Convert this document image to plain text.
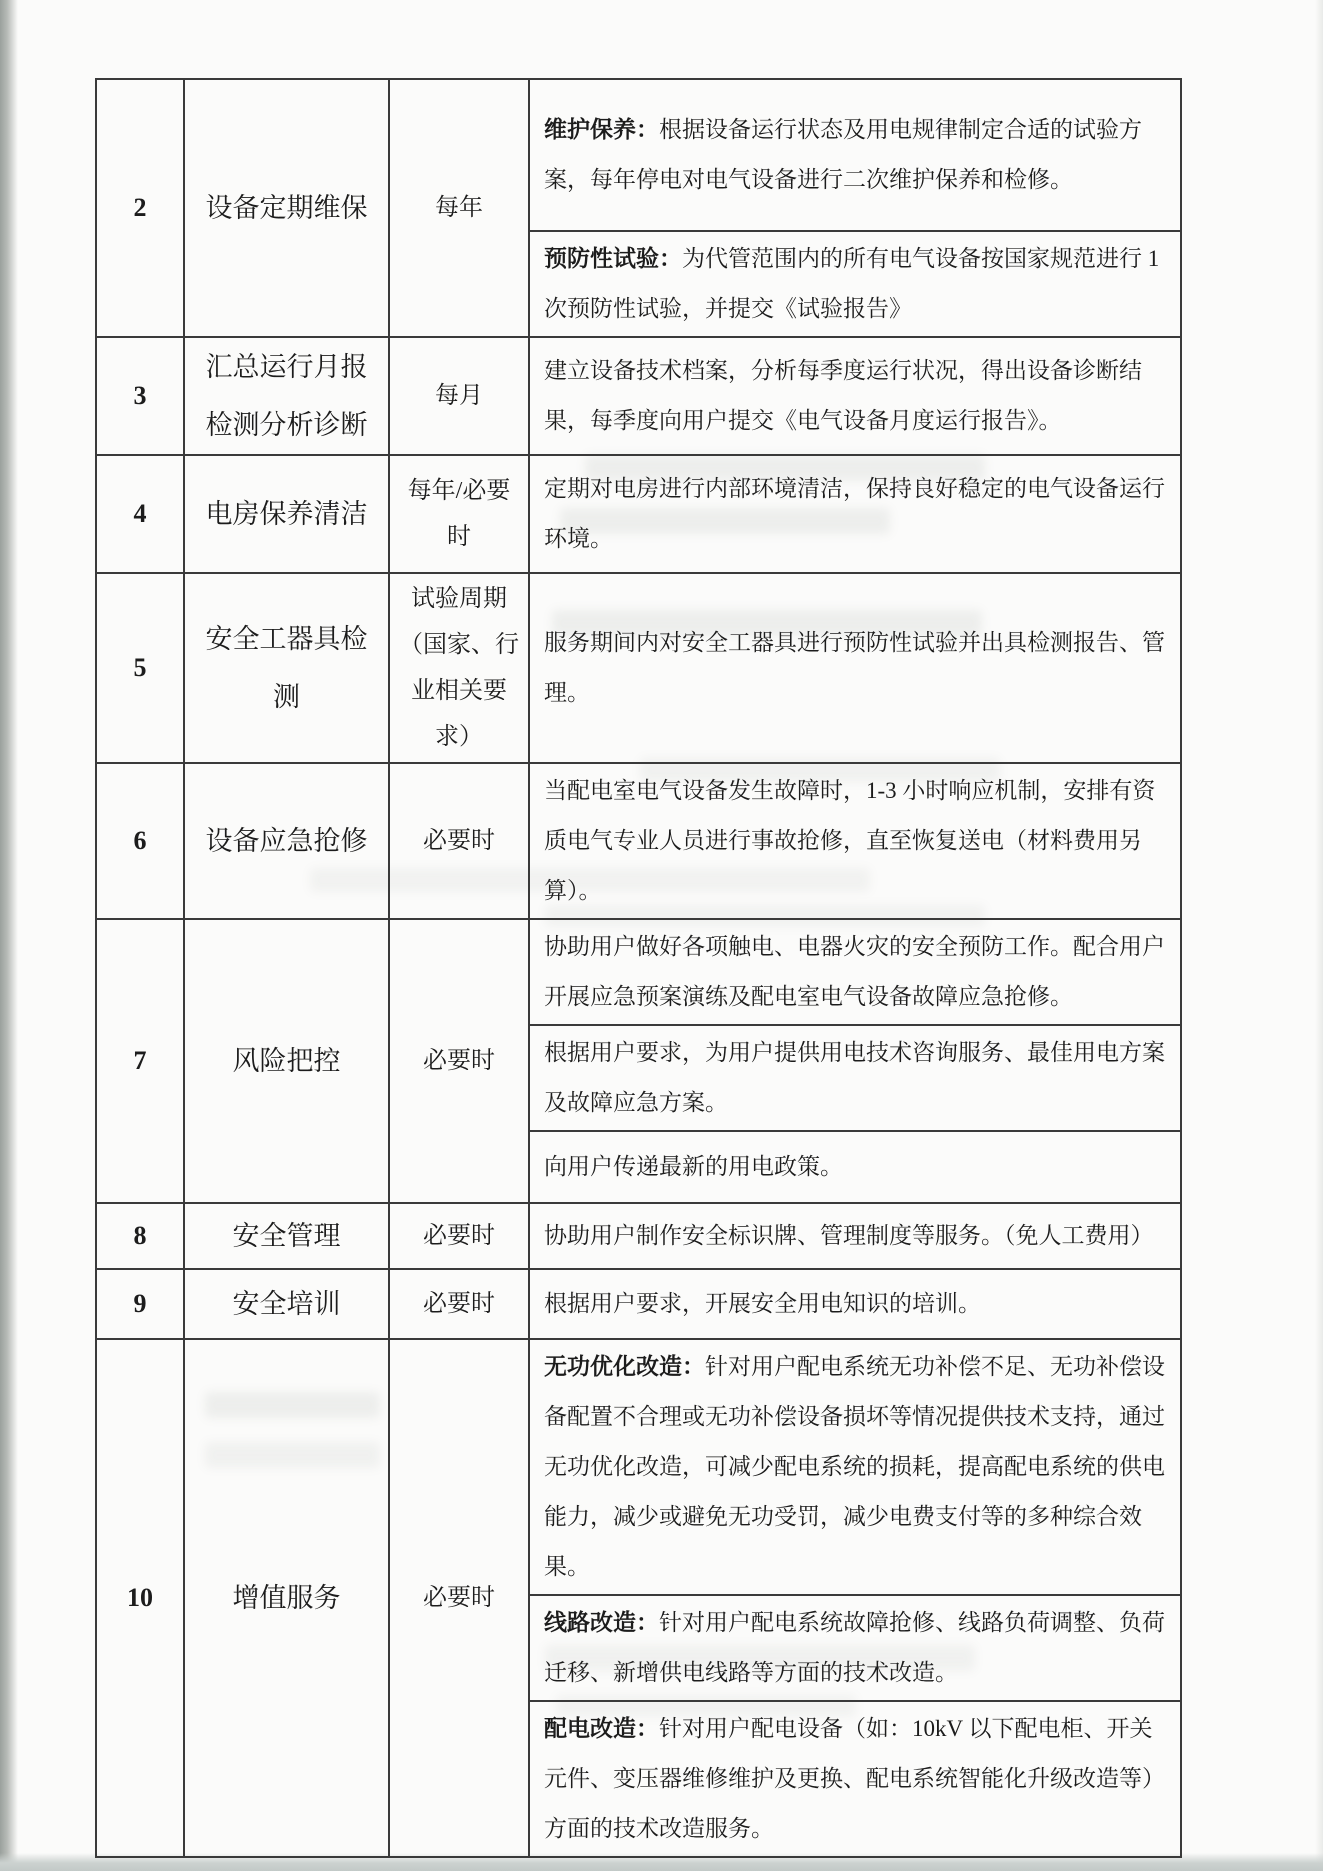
2	设备定期维保	每年	维护保养：根据设备运行状态及用电规律制定合适的试验方案，每年停电对电气设备进行二次维护保养和检修。
			预防性试验：为代管范围内的所有电气设备按国家规范进行 1 次预防性试验，并提交《试验报告》
3	汇总运行月报检测分析诊断	每月	建立设备技术档案，分析每季度运行状况，得出设备诊断结果，每季度向用户提交《电气设备月度运行报告》。
4	电房保养清洁	每年/必要时	定期对电房进行内部环境清洁，保持良好稳定的电气设备运行环境。
5	安全工器具检测	试验周期（国家、行业相关要求）	服务期间内对安全工器具进行预防性试验并出具检测报告、管理。
6	设备应急抢修	必要时	当配电室电气设备发生故障时，1-3 小时响应机制，安排有资质电气专业人员进行事故抢修，直至恢复送电（材料费用另算）。
7	风险把控	必要时	协助用户做好各项触电、电器火灾的安全预防工作。配合用户开展应急预案演练及配电室电气设备故障应急抢修。
			根据用户要求，为用户提供用电技术咨询服务、最佳用电方案及故障应急方案。
			向用户传递最新的用电政策。
8	安全管理	必要时	协助用户制作安全标识牌、管理制度等服务。（免人工费用）
9	安全培训	必要时	根据用户要求，开展安全用电知识的培训。
10	增值服务	必要时	无功优化改造：针对用户配电系统无功补偿不足、无功补偿设备配置不合理或无功补偿设备损坏等情况提供技术支持，通过无功优化改造，可减少配电系统的损耗，提高配电系统的供电能力，减少或避免无功受罚，减少电费支付等的多种综合效果。
			线路改造：针对用户配电系统故障抢修、线路负荷调整、负荷迁移、新增供电线路等方面的技术改造。
			配电改造：针对用户配电设备（如：10kV 以下配电柜、开关元件、变压器维修维护及更换、配电系统智能化升级改造等）方面的技术改造服务。
